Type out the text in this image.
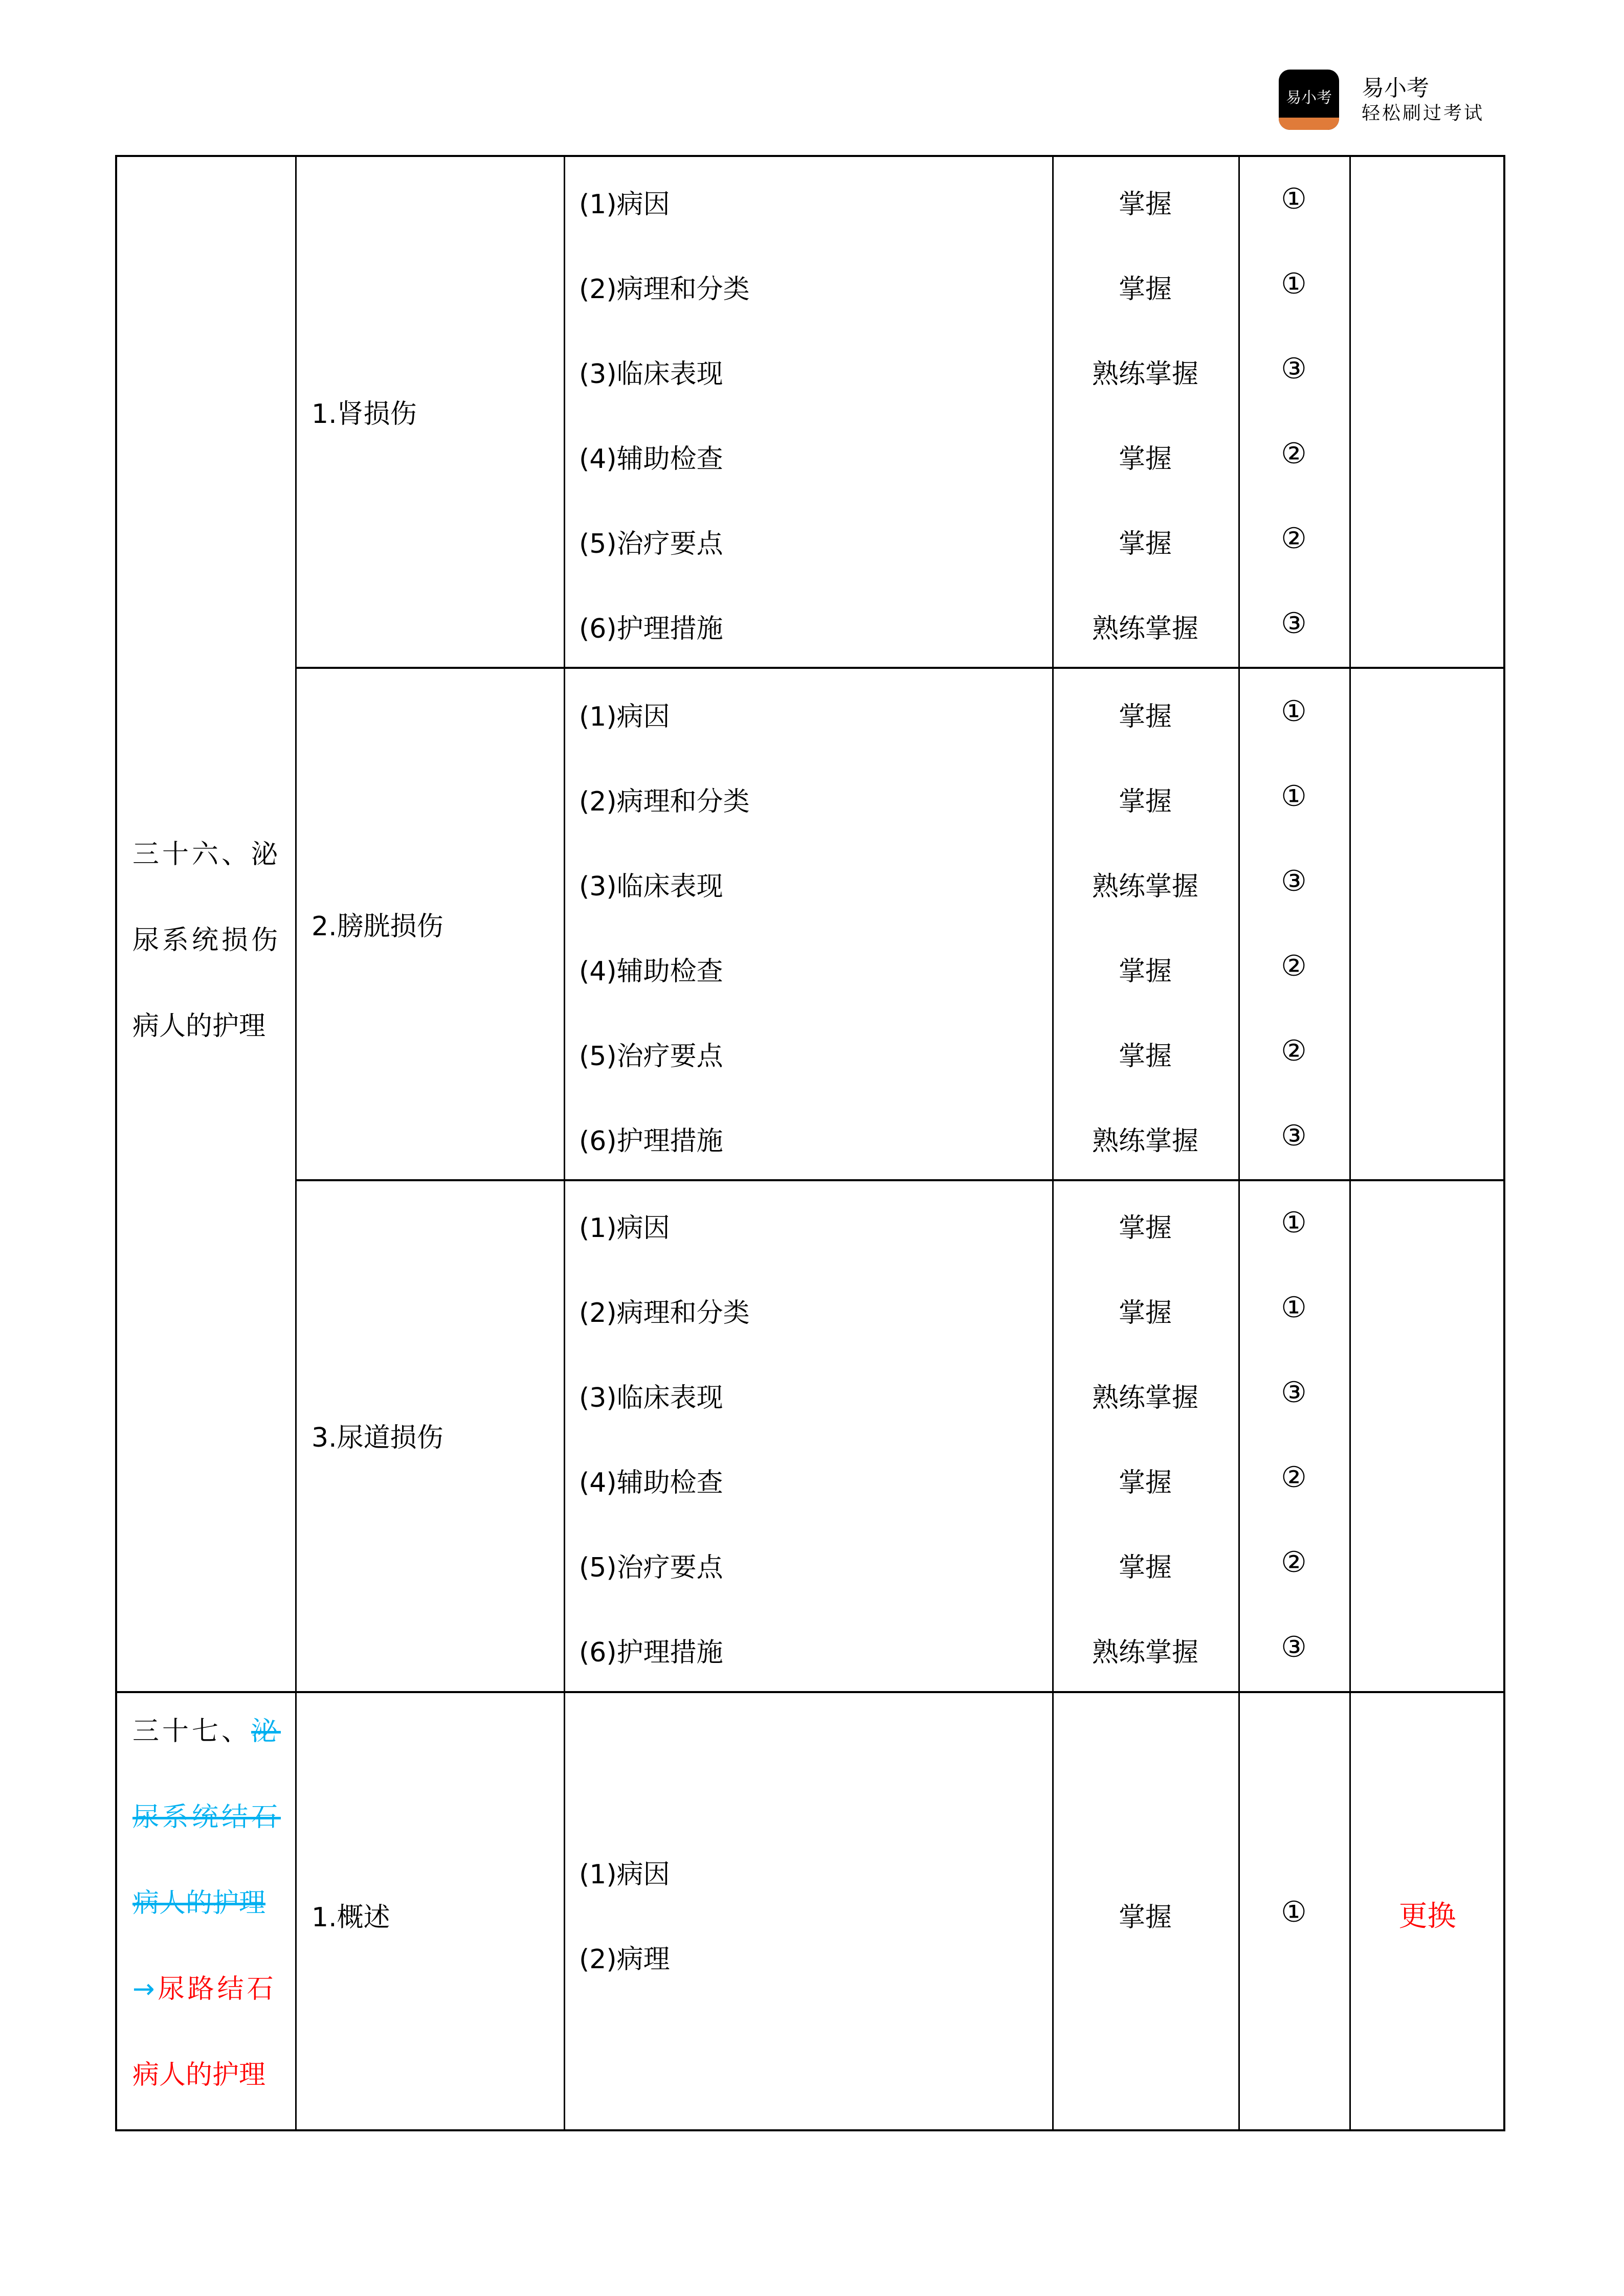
易小考	易小考
轻松刷过考试
三十六、泌
尿系统损伤
病人的护理
1.肾损伤
(1)病因	掌握	①
(2)病理和分类	掌握	①
(3)临床表现	熟练掌握	③
(4)辅助检查	掌握	②
(5)治疗要点	掌握	②
(6)护理措施	熟练掌握	③
2.膀胱损伤
(1)病因	掌握	①
(2)病理和分类	掌握	①
(3)临床表现	熟练掌握	③
(4)辅助检查	掌握	②
(5)治疗要点	掌握	②
(6)护理措施	熟练掌握	③
3.尿道损伤
(1)病因	掌握	①
(2)病理和分类	掌握	①
(3)临床表现	熟练掌握	③
(4)辅助检查	掌握	②
(5)治疗要点	掌握	②
(6)护理措施	熟练掌握	③
三十七、泌
尿系统结石
病人的护理
→尿路结石
病人的护理
1.概述
(1)病因
(2)病理
掌握	①	更换
